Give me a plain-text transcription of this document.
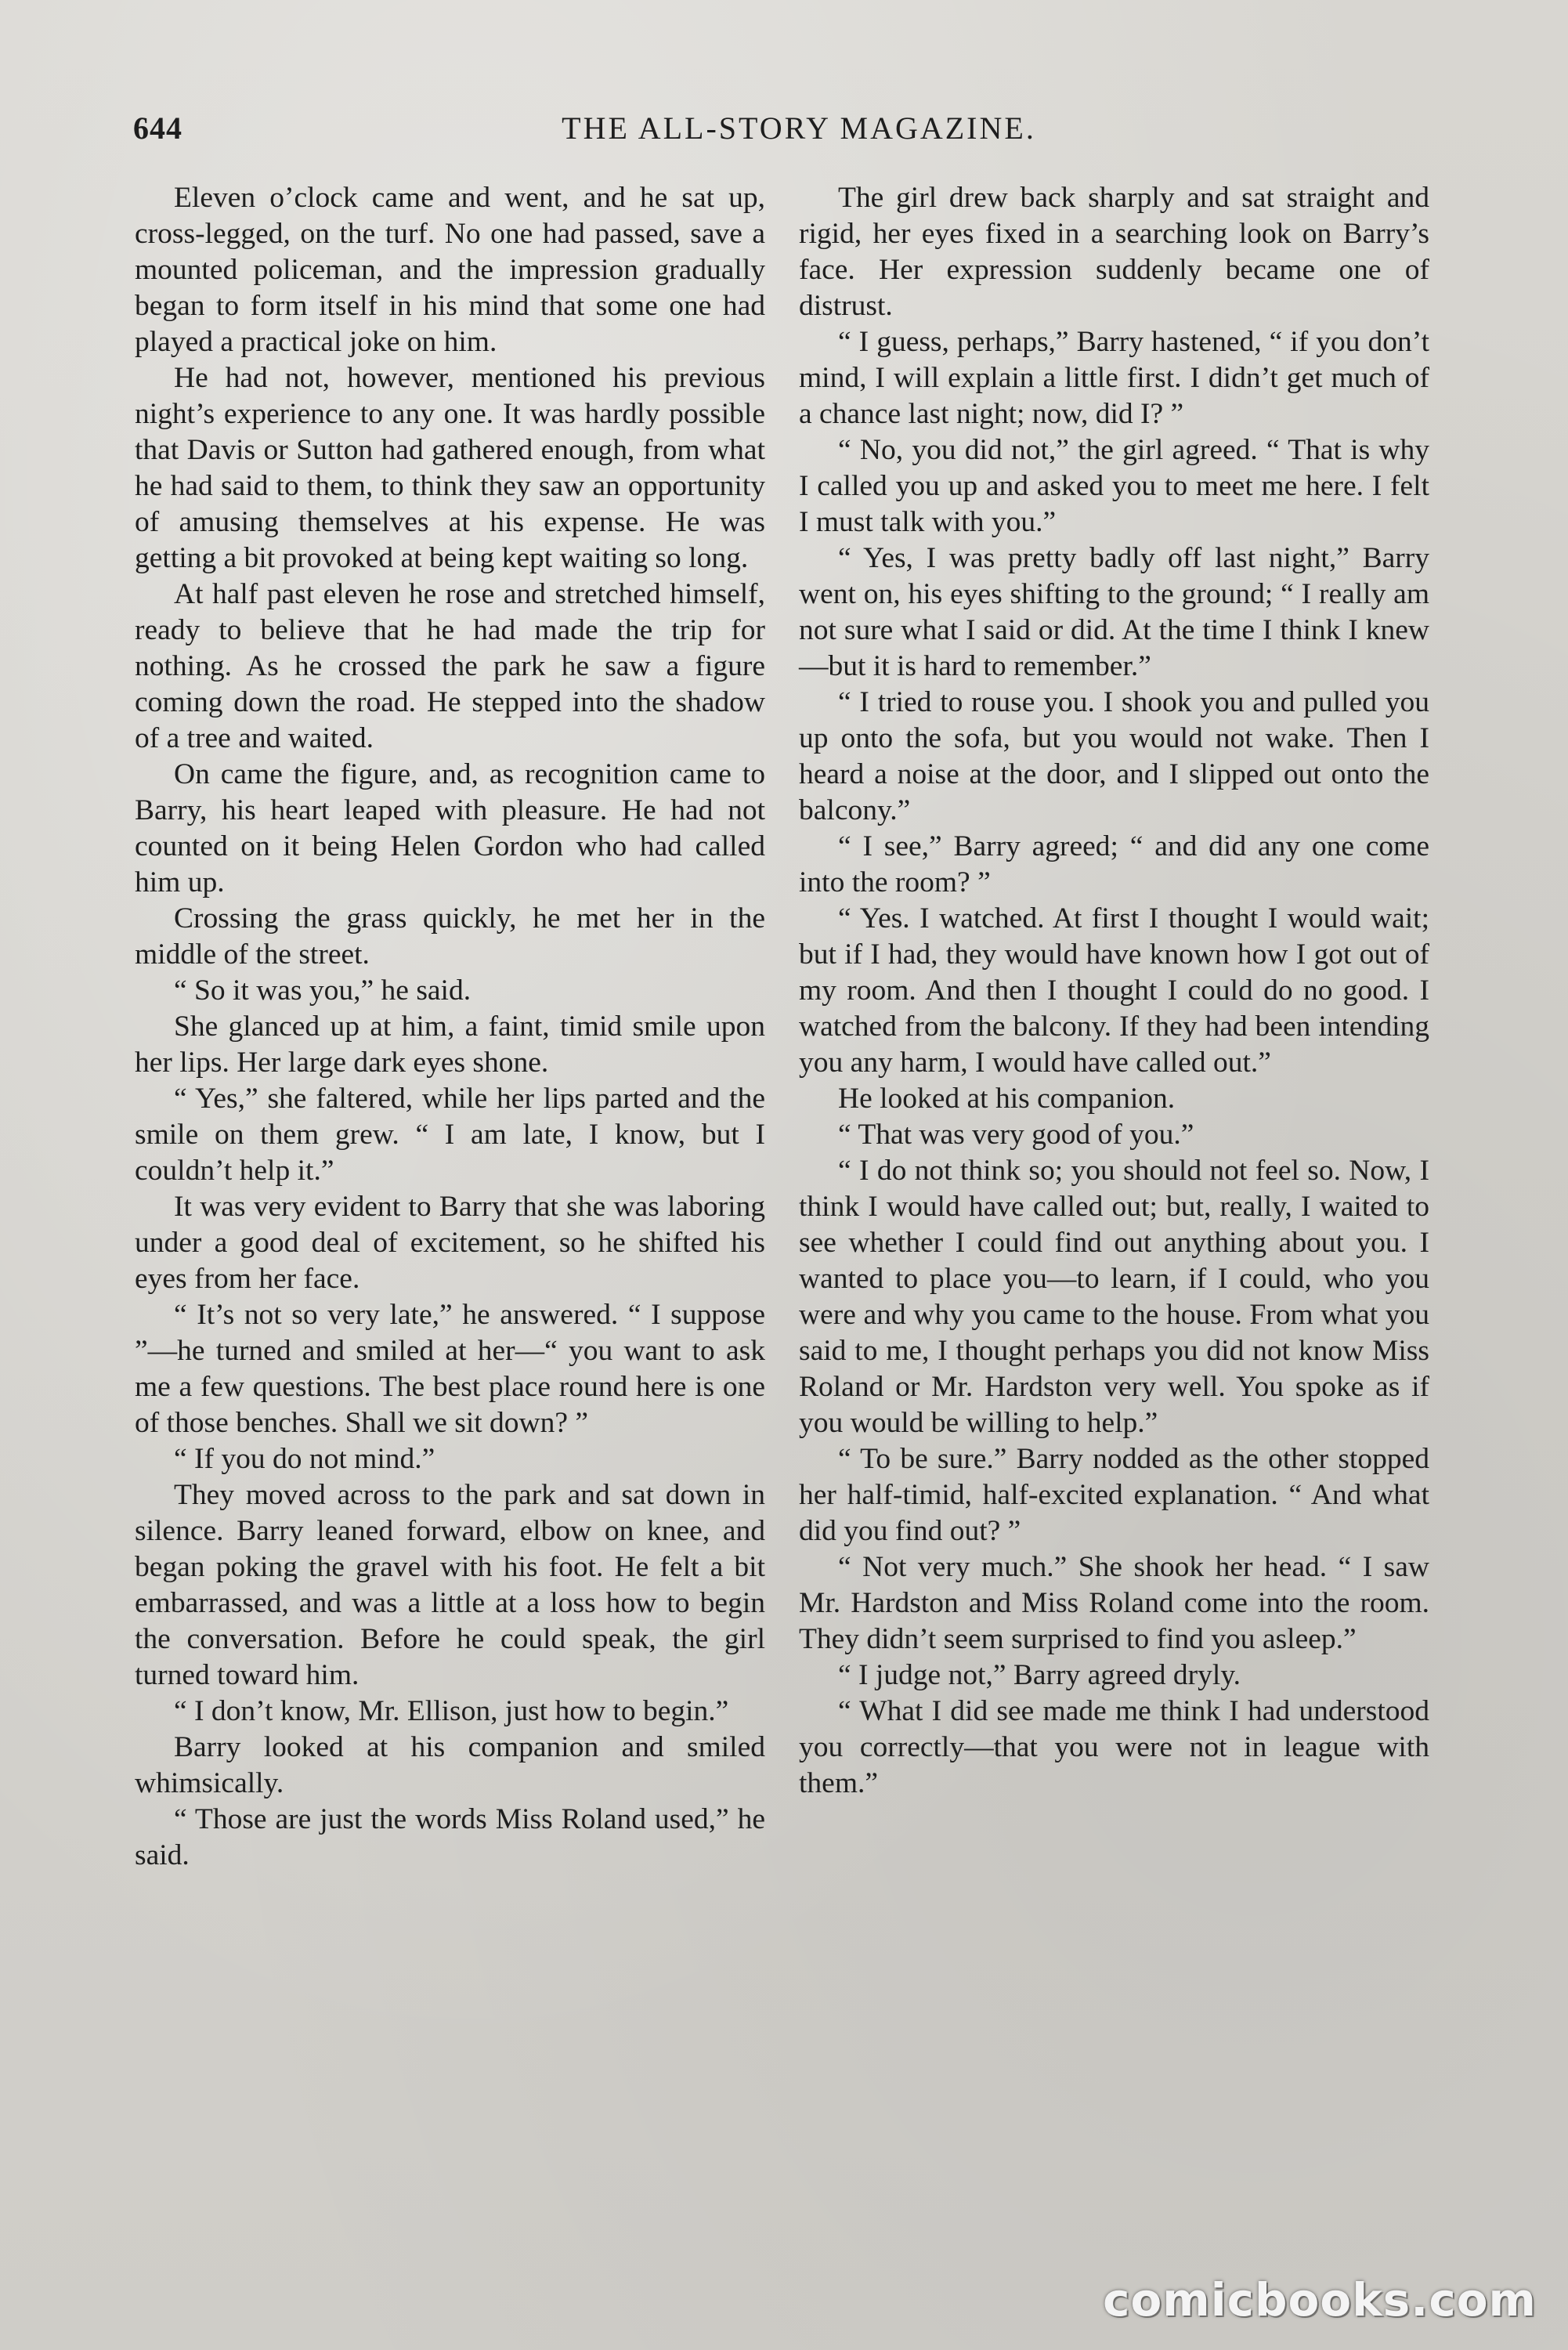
644	THE ALL-STORY MAGAZINE.

Eleven o’clock came and went, and he sat up, cross-legged, on the turf. No one had passed, save a mounted policeman, and the impression gradually began to form itself in his mind that some one had played a practical joke on him.

He had not, however, mentioned his previous night’s experience to any one. It was hardly possible that Davis or Sutton had gathered enough, from what he had said to them, to think they saw an opportunity of amusing themselves at his expense. He was getting a bit provoked at being kept waiting so long.

At half past eleven he rose and stretched himself, ready to believe that he had made the trip for nothing. As he crossed the park he saw a figure coming down the road. He stepped into the shadow of a tree and waited.

On came the figure, and, as recognition came to Barry, his heart leaped with pleasure. He had not counted on it being Helen Gordon who had called him up.

Crossing the grass quickly, he met her in the middle of the street.

“ So it was you,” he said.

She glanced up at him, a faint, timid smile upon her lips. Her large dark eyes shone.

“ Yes,” she faltered, while her lips parted and the smile on them grew. “ I am late, I know, but I couldn’t help it.”

It was very evident to Barry that she was laboring under a good deal of excitement, so he shifted his eyes from her face.

“ It’s not so very late,” he answered. “ I suppose ”—he turned and smiled at her—“ you want to ask me a few questions. The best place round here is one of those benches. Shall we sit down? ”

“ If you do not mind.”

They moved across to the park and sat down in silence. Barry leaned forward, elbow on knee, and began poking the gravel with his foot. He felt a bit embarrassed, and was a little at a loss how to begin the conversation. Before he could speak, the girl turned toward him.

“ I don’t know, Mr. Ellison, just how to begin.”

Barry looked at his companion and smiled whimsically.

“ Those are just the words Miss Roland used,” he said.

The girl drew back sharply and sat straight and rigid, her eyes fixed in a searching look on Barry’s face. Her expression suddenly became one of distrust.

“ I guess, perhaps,” Barry hastened, “ if you don’t mind, I will explain a little first. I didn’t get much of a chance last night; now, did I? ”

“ No, you did not,” the girl agreed. “ That is why I called you up and asked you to meet me here. I felt I must talk with you.”

“ Yes, I was pretty badly off last night,” Barry went on, his eyes shifting to the ground; “ I really am not sure what I said or did. At the time I think I knew—but it is hard to remember.”

“ I tried to rouse you. I shook you and pulled you up onto the sofa, but you would not wake. Then I heard a noise at the door, and I slipped out onto the balcony.”

“ I see,” Barry agreed; “ and did any one come into the room? ”

“ Yes. I watched. At first I thought I would wait; but if I had, they would have known how I got out of my room. And then I thought I could do no good. I watched from the balcony. If they had been intending you any harm, I would have called out.”

He looked at his companion.

“ That was very good of you.”

“ I do not think so; you should not feel so. Now, I think I would have called out; but, really, I waited to see whether I could find out anything about you. I wanted to place you—to learn, if I could, who you were and why you came to the house. From what you said to me, I thought perhaps you did not know Miss Roland or Mr. Hardston very well. You spoke as if you would be willing to help.”

“ To be sure.” Barry nodded as the other stopped her half-timid, half-excited explanation. “ And what did you find out? ”

“ Not very much.” She shook her head. “ I saw Mr. Hardston and Miss Roland come into the room. They didn’t seem surprised to find you asleep.”

“ I judge not,” Barry agreed dryly.

“ What I did see made me think I had understood you correctly—that you were not in league with them.”

comicbooks.com
